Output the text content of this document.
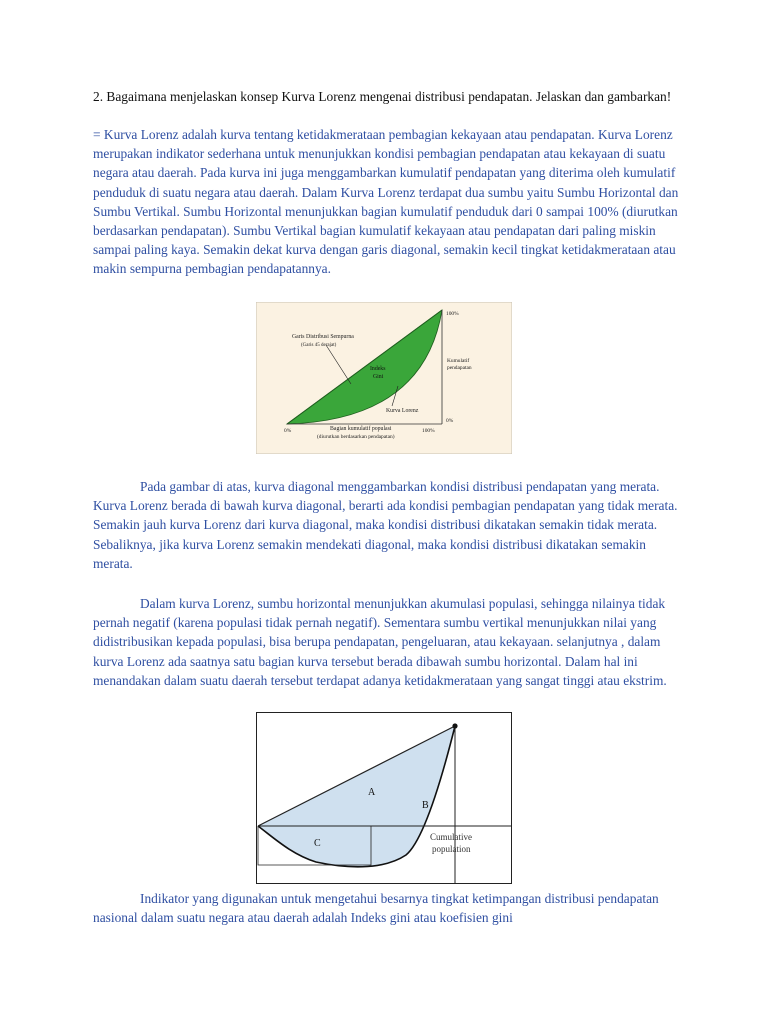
2. Bagaimana menjelaskan konsep Kurva Lorenz mengenai distribusi pendapatan. Jelaskan dan gambarkan!
= Kurva Lorenz adalah kurva tentang ketidakmerataan pembagian kekayaan atau pendapatan. Kurva Lorenz merupakan indikator sederhana untuk menunjukkan kondisi pembagian pendapatan atau kekayaan di suatu negara atau daerah. Pada kurva ini juga menggambarkan kumulatif pendapatan yang diterima oleh kumulatif penduduk di suatu negara atau daerah. Dalam Kurva Lorenz terdapat dua sumbu yaitu Sumbu Horizontal dan Sumbu Vertikal. Sumbu Horizontal menunjukkan bagian kumulatif penduduk dari 0 sampai 100% (diurutkan berdasarkan pendapatan). Sumbu Vertikal bagian kumulatif kekayaan atau pendapatan dari paling miskin sampai paling kaya. Semakin dekat kurva dengan garis diagonal, semakin kecil tingkat ketidakmerataan atau makin sempurna pembagian pendapatannya.
Garis Distribusi Sempurna
(Garis 45 derajat)
Indeks
Gini
Kurva Lorenz
100%
Kumulatif
pendapatan
0%
0%	100%
Bagian kumulatif populasi
(diurutkan berdasarkan pendapatan)
Pada gambar di atas, kurva diagonal menggambarkan kondisi distribusi pendapatan yang merata. Kurva Lorenz berada di bawah kurva diagonal, berarti ada kondisi pembagian pendapatan yang tidak merata. Semakin jauh kurva Lorenz dari kurva diagonal, maka kondisi distribusi dikatakan semakin tidak merata. Sebaliknya, jika kurva Lorenz semakin mendekati diagonal, maka kondisi distribusi dikatakan semakin merata.
Dalam kurva Lorenz, sumbu horizontal menunjukkan akumulasi populasi, sehingga nilainya tidak pernah negatif (karena populasi tidak pernah negatif). Sementara sumbu vertikal menunjukkan nilai yang didistribusikan kepada populasi, bisa berupa pendapatan, pengeluaran, atau kekayaan. selanjutnya , dalam kurva Lorenz ada saatnya satu bagian kurva tersebut berada dibawah sumbu horizontal. Dalam hal ini menandakan dalam suatu daerah tersebut terdapat adanya ketidakmerataan yang sangat tinggi atau ekstrim.
A
B
C
Cumulative
population
Indikator yang digunakan untuk mengetahui besarnya tingkat ketimpangan distribusi pendapatan nasional dalam suatu negara atau daerah adalah Indeks gini atau koefisien gini
